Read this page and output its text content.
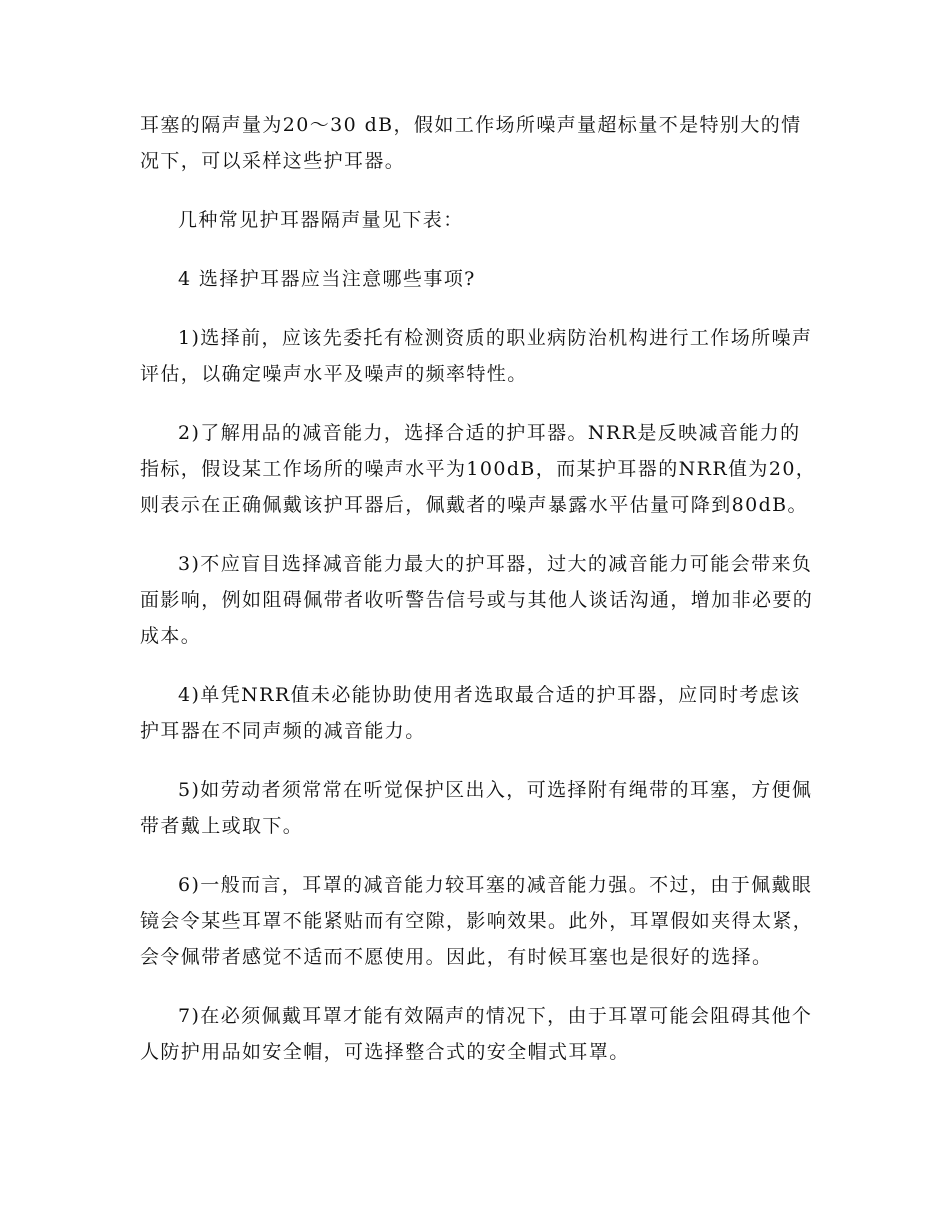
耳塞的隔声量为20～30 dB，假如工作场所噪声量超标量不是特别大的情况下，可以采样这些护耳器。

几种常见护耳器隔声量见下表：

4 选择护耳器应当注意哪些事项?

1)选择前，应该先委托有检测资质的职业病防治机构进行工作场所噪声评估，以确定噪声水平及噪声的频率特性。

2)了解用品的减音能力，选择合适的护耳器。NRR是反映减音能力的指标，假设某工作场所的噪声水平为100dB，而某护耳器的NRR值为20，则表示在正确佩戴该护耳器后，佩戴者的噪声暴露水平估量可降到80dB。

3)不应盲目选择减音能力最大的护耳器，过大的减音能力可能会带来负面影响，例如阻碍佩带者收听警告信号或与其他人谈话沟通，增加非必要的成本。

4)单凭NRR值未必能协助使用者选取最合适的护耳器，应同时考虑该护耳器在不同声频的减音能力。

5)如劳动者须常常在听觉保护区出入，可选择附有绳带的耳塞，方便佩带者戴上或取下。

6)一般而言，耳罩的减音能力较耳塞的减音能力强。不过，由于佩戴眼镜会令某些耳罩不能紧贴而有空隙，影响效果。此外，耳罩假如夹得太紧，会令佩带者感觉不适而不愿使用。因此，有时候耳塞也是很好的选择。

7)在必须佩戴耳罩才能有效隔声的情况下，由于耳罩可能会阻碍其他个人防护用品如安全帽，可选择整合式的安全帽式耳罩。
